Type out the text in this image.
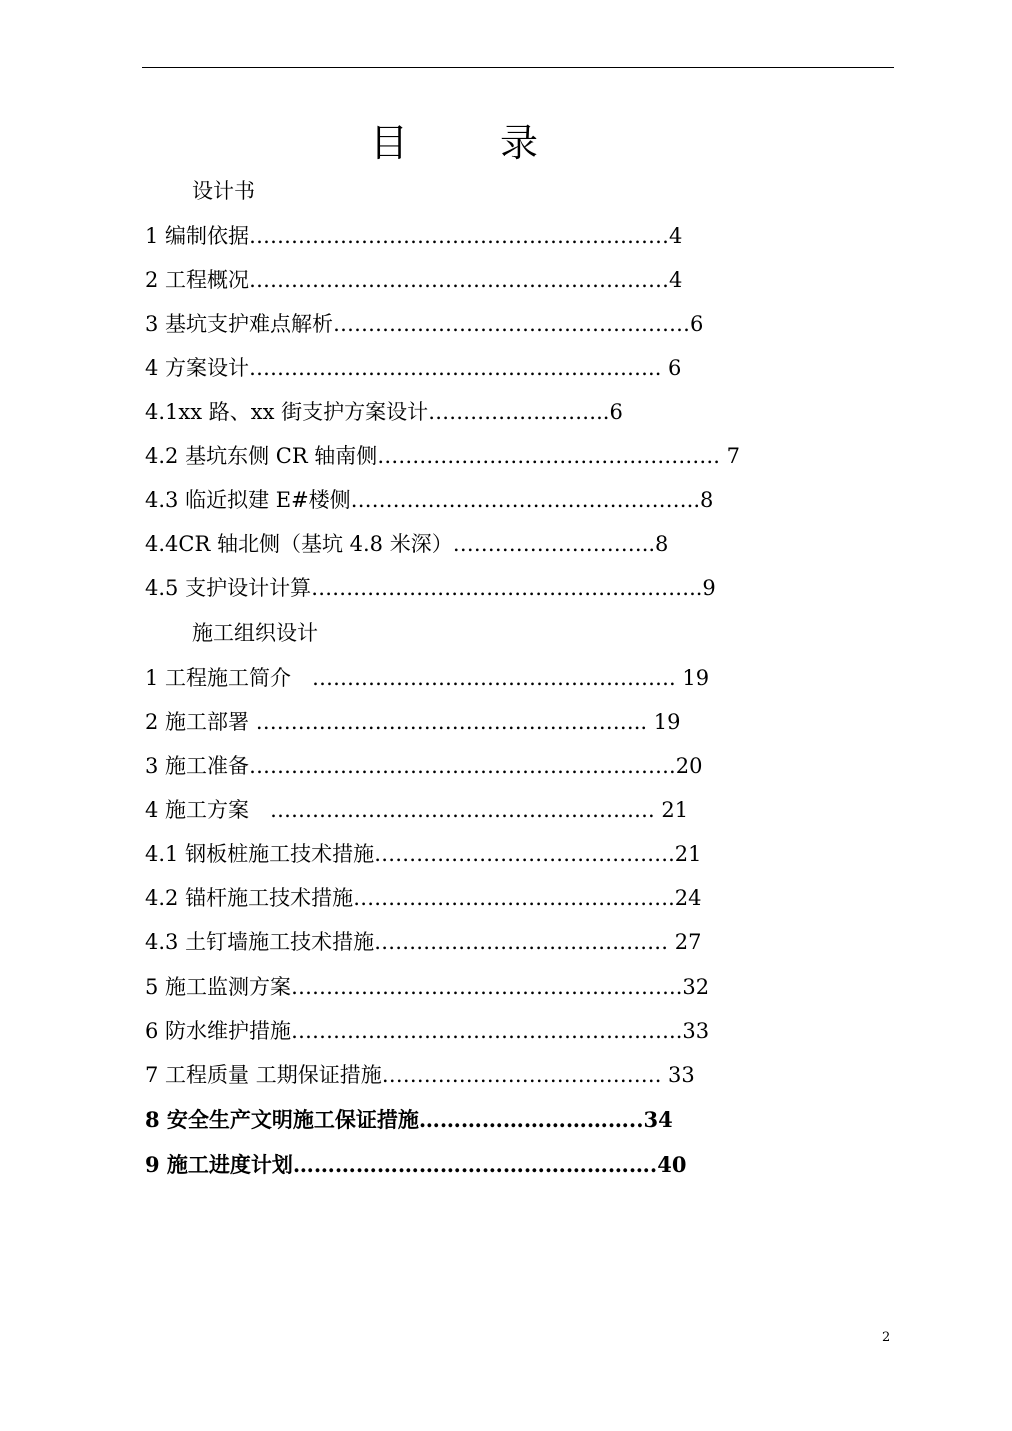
目 录
设计书
1 编制依据……………………………………………………4
2 工程概况……………………………………………………4
3 基坑支护难点解析……………………………………………6
4 方案设计………………………………………………….. 6
4.1xx 路、xx 街支护方案设计……………………..6
4.2 基坑东侧 CR 轴南侧…………………………………………. 7
4.3 临近拟建 E#楼侧…………………………………………..8
4.4CR 轴北侧（基坑 4.8 米深）………………………..8
4.5 支护设计计算………………………………………………..9
施工组织设计
1 工程施工简介　……………………………………………. 19
2 施工部署 ……………………………………………….. 19
3 施工准备…………………………………………………….20
4 施工方案　………………………………………………. 21
4.1 钢板桩施工技术措施…………………………………….21
4.2 锚杆施工技术措施……………………………………….24
4.3 土钉墙施工技术措施…………………………………… 27
5 施工监测方案………………………………………………..32
6 防水维护措施………………………………………………..33
7 工程质量 工期保证措施…………………………………. 33
8 安全生产文明施工保证措施…………………………..34
9 施工进度计划…………………………………………….40
2
